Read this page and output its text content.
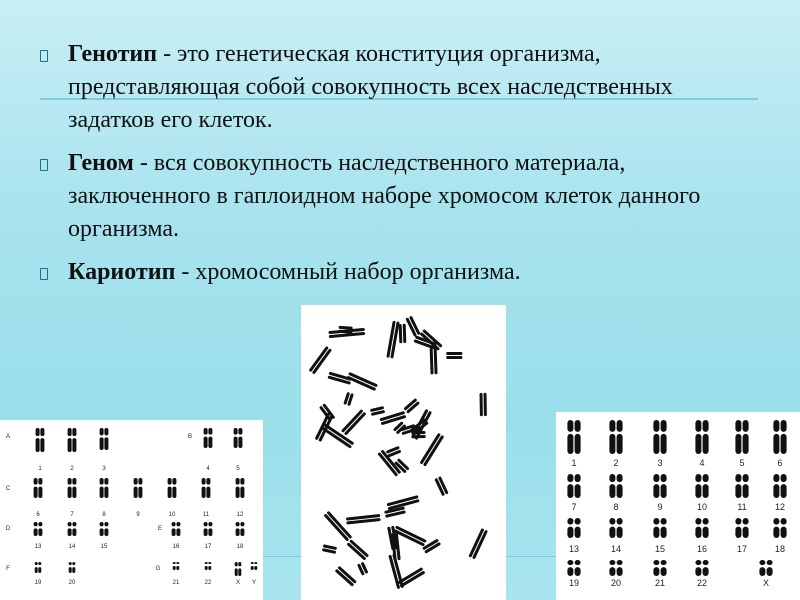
Генотип - это генетическая конституция организма, представляющая собой совокупность всех наследственных задатков его клеток.
Геном - вся совокупность наследственного материала, заключенного в гаплоидном наборе хромосом клеток данного организма.
Кариотип - хромосомный набор организма.
A	B
1	2	3	4	5
C
6	7	8	9	10	11	12
D	E
13	14	15	16	17	18
F	G
19	20	21	22	X Y
1	2	3	4	5	6
7	8	9	10	11	12
13	14	15	16	17	18
19	20	21	22	X
